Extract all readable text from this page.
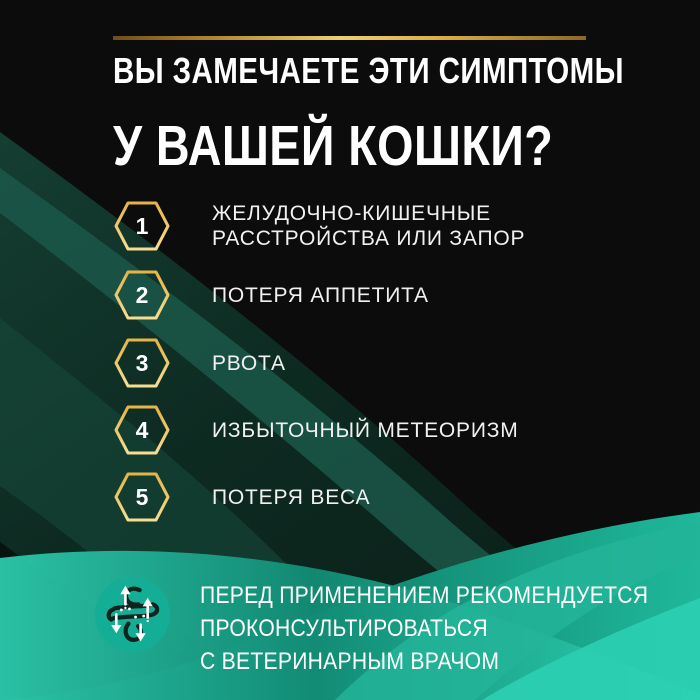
ВЫ ЗАМЕЧАЕТЕ ЭТИ СИМПТОМЫ
У ВАШЕЙ КОШКИ?
1	ЖЕЛУДОЧНО-КИШЕЧНЫЕ
РАССТРОЙСТВА ИЛИ ЗАПОР
2	ПОТЕРЯ АППЕТИТА
3	РВОТА
4	ИЗБЫТОЧНЫЙ МЕТЕОРИЗМ
5	ПОТЕРЯ ВЕСА
ПЕРЕД ПРИМЕНЕНИЕМ РЕКОМЕНДУЕТСЯ
ПРОКОНСУЛЬТИРОВАТЬСЯ
С ВЕТЕРИНАРНЫМ ВРАЧОМ
